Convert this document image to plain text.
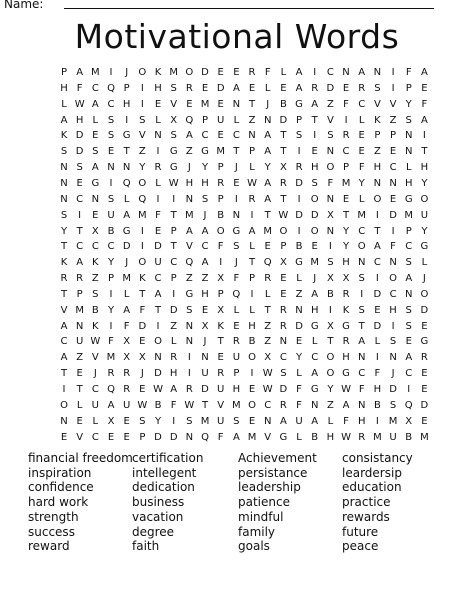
Name:
Motivational Words
P A M I	J	O K M O D E E R F	L A	I	C N A N	I	F A
H F C Q P	I	H S R E D A E L E A R D E R S	I	P E
L W A C H	I	E V E M E N T	J	B G A Z F C V V Y F
A H L S	I	S L X Q P U L Z N D P T V	I	L K Z S A
K D E S G V N S A C E C N A T S	I	S R E P P N	I
S D S E T Z	I	G Z G M T P A T	I	E N C E Z E N T
N S A N N Y R G	J	Y P	J	L Y X R H O P F H C L H
N E G	I	Q O L W H H R E W A R D S F M Y N N H Y
N C N S L Q	I	I	N S P	I	R A T	I	O N E L O E G O
S	I	E U A M F T M J	B N	I	T W D D X T M I	D M U
Y T X B G	I	E P A A O G A M O	I	O N Y C T	I	P Y
T C C C D	I	D T V C F S L E P B E	I	Y O A F C G
K A K Y	J	O U C Q A	I	J	T Q X G M S H N C N S L
R R Z P M K C P Z Z X F P R E L	J	X X S	I	O A	J
T P S	I	L T A	I	G H P Q	I	L E Z A B R	I	D C N O
V M B Y A F T D S E X L	L T R N H	I	K S E H S D
A N K	I	F D	I	Z N X K E H Z R D G X G T D	I	S E
C U W F X E O L N	J	T R B Z N E L T R A L S E G
A Z V M X X N R	I	N E U O X C Y C O H N	I	N A R
T E	J	R R	J	D H	I	U R P	I W S L A O G C F	J	C E
I	T C Q R E W A R D U H E W D F G Y W F H D	I	E
O L U A U W B F W T V M O C R F N Z A N B S Q D
N E L X E S Y	I	S M U S E N A U A L	F H	I M X E
E V C E E P D D N Q F A M V G L B H W R M U B M
financial freedom
inspiration
confidence
hard work
strength
success
reward
certification
intellegent
dedication
business
vacation
degree
faith
Achievement
persistance
leadership
patience
mindful
family
goals
consistancy
leardersip
education
practice
rewards
future
peace
